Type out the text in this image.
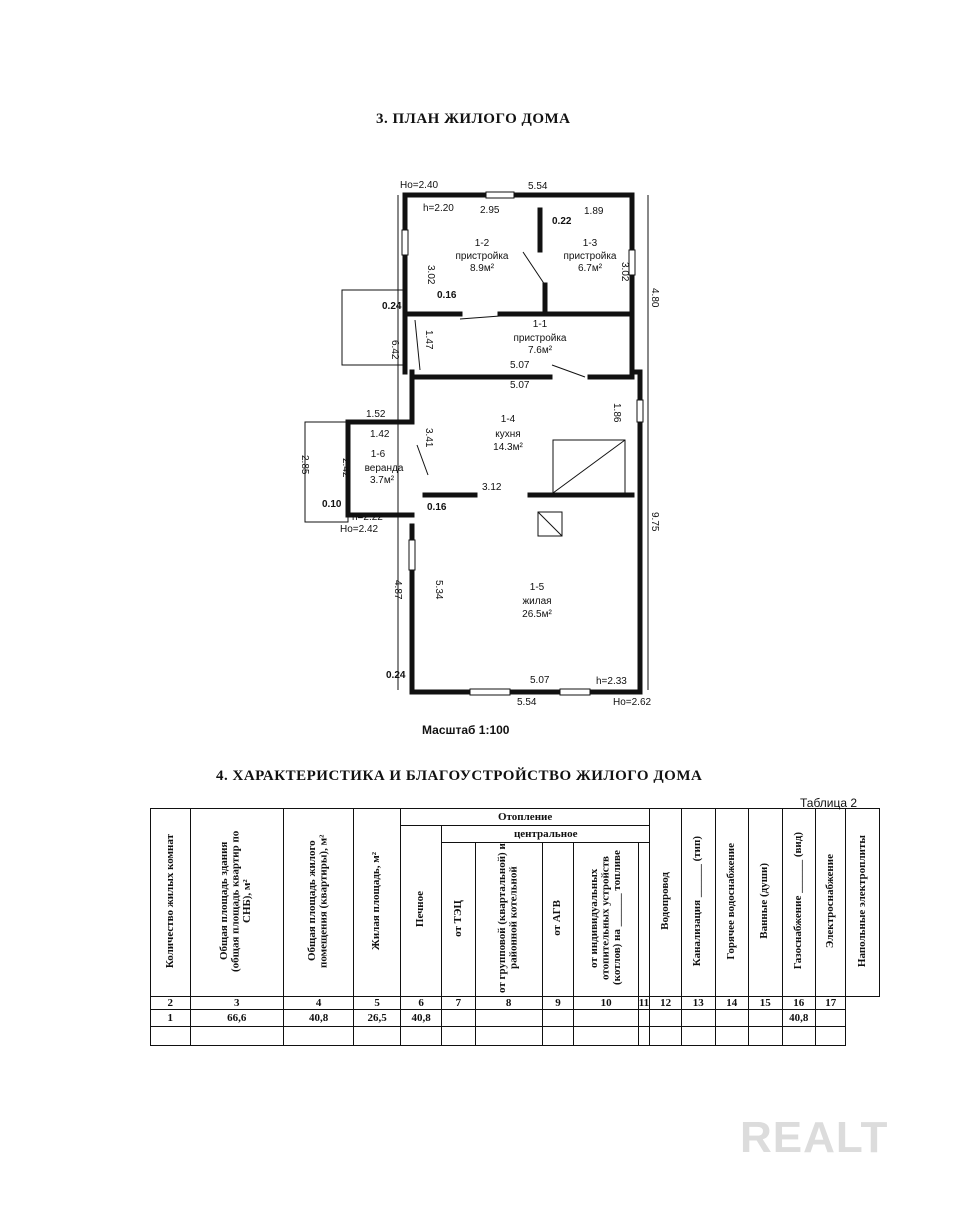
3. ПЛАН ЖИЛОГО ДОМА
Ho=2.40	5.54
h=2.20	2.95
0.22
1.89
3.02	3.02
4.80
0.24
0.16
1.47
6.42
5.07
5.07
1.52
1.42	3.41
1.86
2.85	2.42
0.10
h=2.22
Ho=2.42
3.12
0.16
9.75
4.87	5.34
0.24	5.07	h=2.33
5.54	Ho=2.62
1-2
пристройка
8.9м²
1-3
пристройка
6.7м²
1-1
пристройка
7.6м²
1-4
кухня
14.3м²
1-6
веранда
3.7м²
1-5
жилая
26.5м²
Масштаб 1:100
4. ХАРАКТЕРИСТИКА И БЛАГОУСТРОЙСТВО ЖИЛОГО ДОМА
Таблица 2
Количество жилых комнат	Общая площадь здания (общая площадь квартир по СНБ), м²	Общая площадь жилого помещения (квартиры), м²	Жилая площадь, м²	Отопление						Водопровод	Канализация ______ (тип)	Горячее водоснабжение	Ванные (души)	Газоснабжение ______ (вид)	Электроснабжение	Напольные электроплиты
				Печное	центральное											
					от ТЭЦ	от групповой (квартальной) и районной котельной	от АГВ	от индивидуальных отопительных устройств (котлов) на ______ топливе								
2	3	4	5	6	7	8	9	10	11	12	13	14	15	16	17	
1	66,6	40,8	26,5	40,8										40,8		

REALT
